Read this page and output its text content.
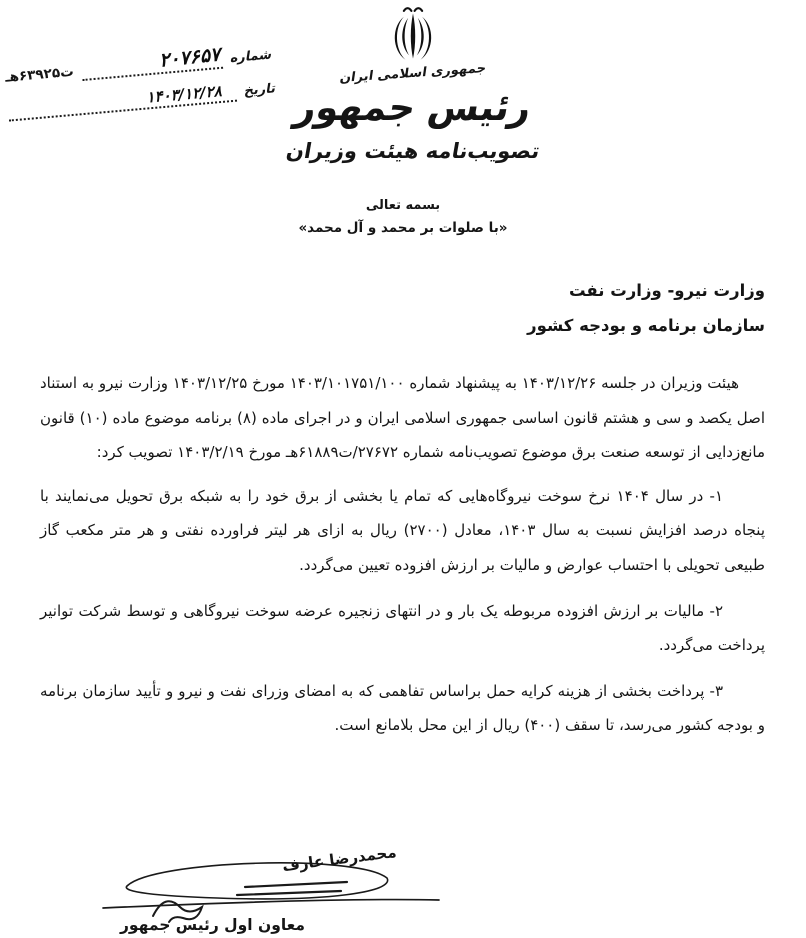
جمهوری اسلامی ایران
رئیس جمهور
تصویب‌نامه هیئت وزیران
شماره
۲۰۷۶۵۷
ت۶۳۹۲۵هـ
تاریخ
۱۴۰۳/۱۲/۲۸
بسمه تعالی
«با صلوات بر محمد و آل محمد»
وزارت نیرو- وزارت نفت
سازمان برنامه و بودجه کشور

هیئت وزیران در جلسه ۱۴۰۳/۱۲/۲۶ به پیشنهاد شماره ۱۴۰۳/۱۰۱۷۵۱/۱۰۰ مورخ ۱۴۰۳/۱۲/۲۵ وزارت نیرو به استناد اصل یکصد و سی و هشتم قانون اساسی جمهوری اسلامی ایران و در اجرای ماده (۸) برنامه موضوع ماده (۱۰) قانون مانع‌زدایی از توسعه صنعت برق موضوع تصویب‌نامه شماره ۲۷۶۷۲/ت۶۱۸۸۹هـ مورخ ۱۴۰۳/۲/۱۹ تصویب کرد:

۱- در سال ۱۴۰۴ نرخ سوخت نیروگاه‌هایی که تمام یا بخشی از برق خود را به شبکه برق تحویل می‌نمایند با پنجاه درصد افزایش نسبت به سال ۱۴۰۳، معادل (۲۷۰۰) ریال به ازای هر لیتر فراورده نفتی و هر متر مکعب گاز طبیعی تحویلی با احتساب عوارض و مالیات بر ارزش افزوده تعیین می‌گردد.

۲- مالیات بر ارزش افزوده مربوطه یک بار و در انتهای زنجیره عرضه سوخت نیروگاهی و توسط شرکت توانیر پرداخت می‌گردد.

۳- پرداخت بخشی از هزینه کرایه حمل براساس تفاهمی که به امضای وزرای نفت و نیرو و تأیید سازمان برنامه و بودجه کشور می‌رسد، تا سقف (۴۰۰) ریال از این محل بلامانع است.

محمدرضا عارف
معاون اول رئیس جمهور
